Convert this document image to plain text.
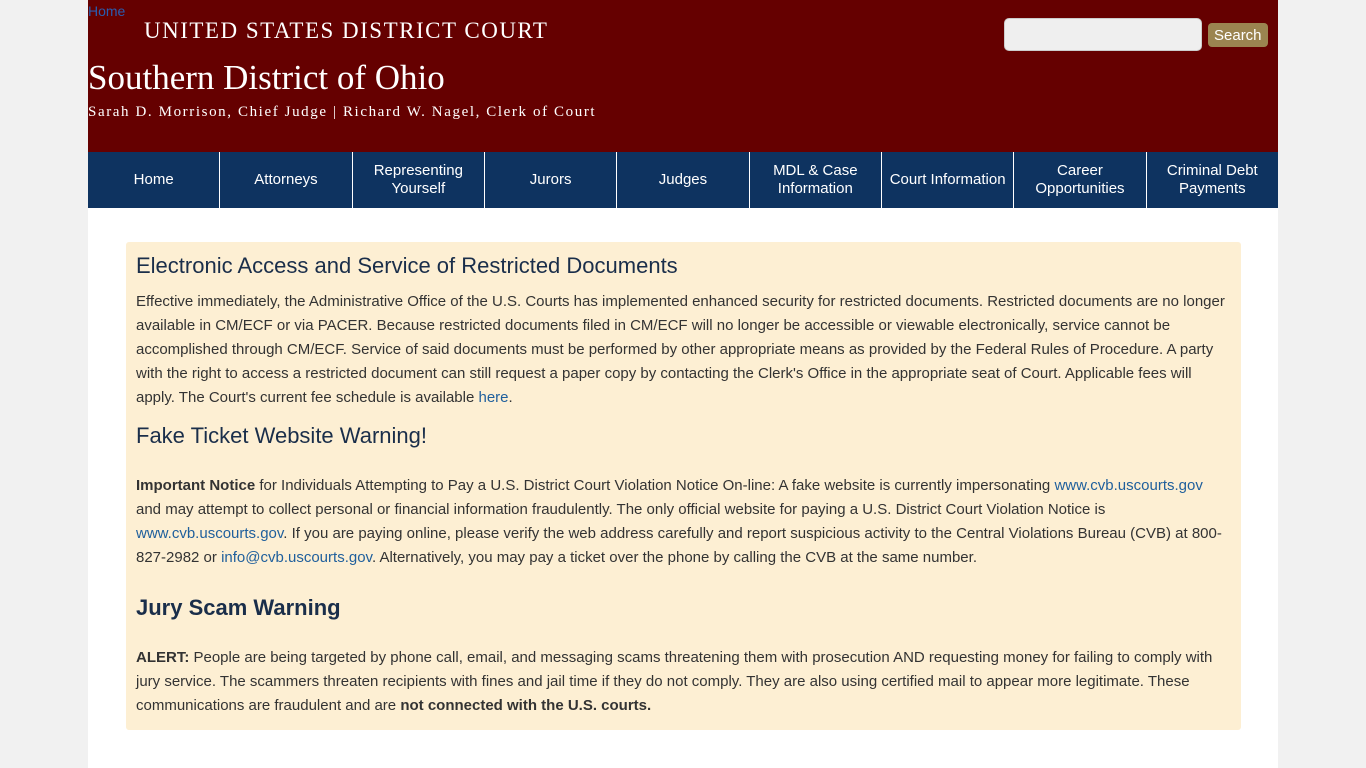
Home
UNITED STATES DISTRICT COURT
Southern District of Ohio
Sarah D. Morrison, Chief Judge | Richard W. Nagel, Clerk of Court
Search
Home	Attorneys
Representing Yourself
Jurors	Judges
MDL & Case Information
Court Information
Career Opportunities
Criminal Debt Payments
Electronic Access and Service of Restricted Documents

Effective immediately, the Administrative Office of the U.S. Courts has implemented enhanced security for restricted documents. Restricted documents are no longer available in CM/ECF or via PACER. Because restricted documents filed in CM/ECF will no longer be accessible or viewable electronically, service cannot be accomplished through CM/ECF. Service of said documents must be performed by other appropriate means as provided by the Federal Rules of Procedure. A party with the right to access a restricted document can still request a paper copy by contacting the Clerk's Office in the appropriate seat of Court. Applicable fees will apply. The Court's current fee schedule is available here.

Fake Ticket Website Warning!

Important Notice for Individuals Attempting to Pay a U.S. District Court Violation Notice On-line: A fake website is currently impersonating www.cvb.uscourts.gov and may attempt to collect personal or financial information fraudulently. The only official website for paying a U.S. District Court Violation Notice is www.cvb.uscourts.gov. If you are paying online, please verify the web address carefully and report suspicious activity to the Central Violations Bureau (CVB) at 800-827-2982 or info@cvb.uscourts.gov. Alternatively, you may pay a ticket over the phone by calling the CVB at the same number.

Jury Scam Warning

ALERT: People are being targeted by phone call, email, and messaging scams threatening them with prosecution AND requesting money for failing to comply with jury service. The scammers threaten recipients with fines and jail time if they do not comply. They are also using certified mail to appear more legitimate. These communications are fraudulent and are not connected with the U.S. courts.
